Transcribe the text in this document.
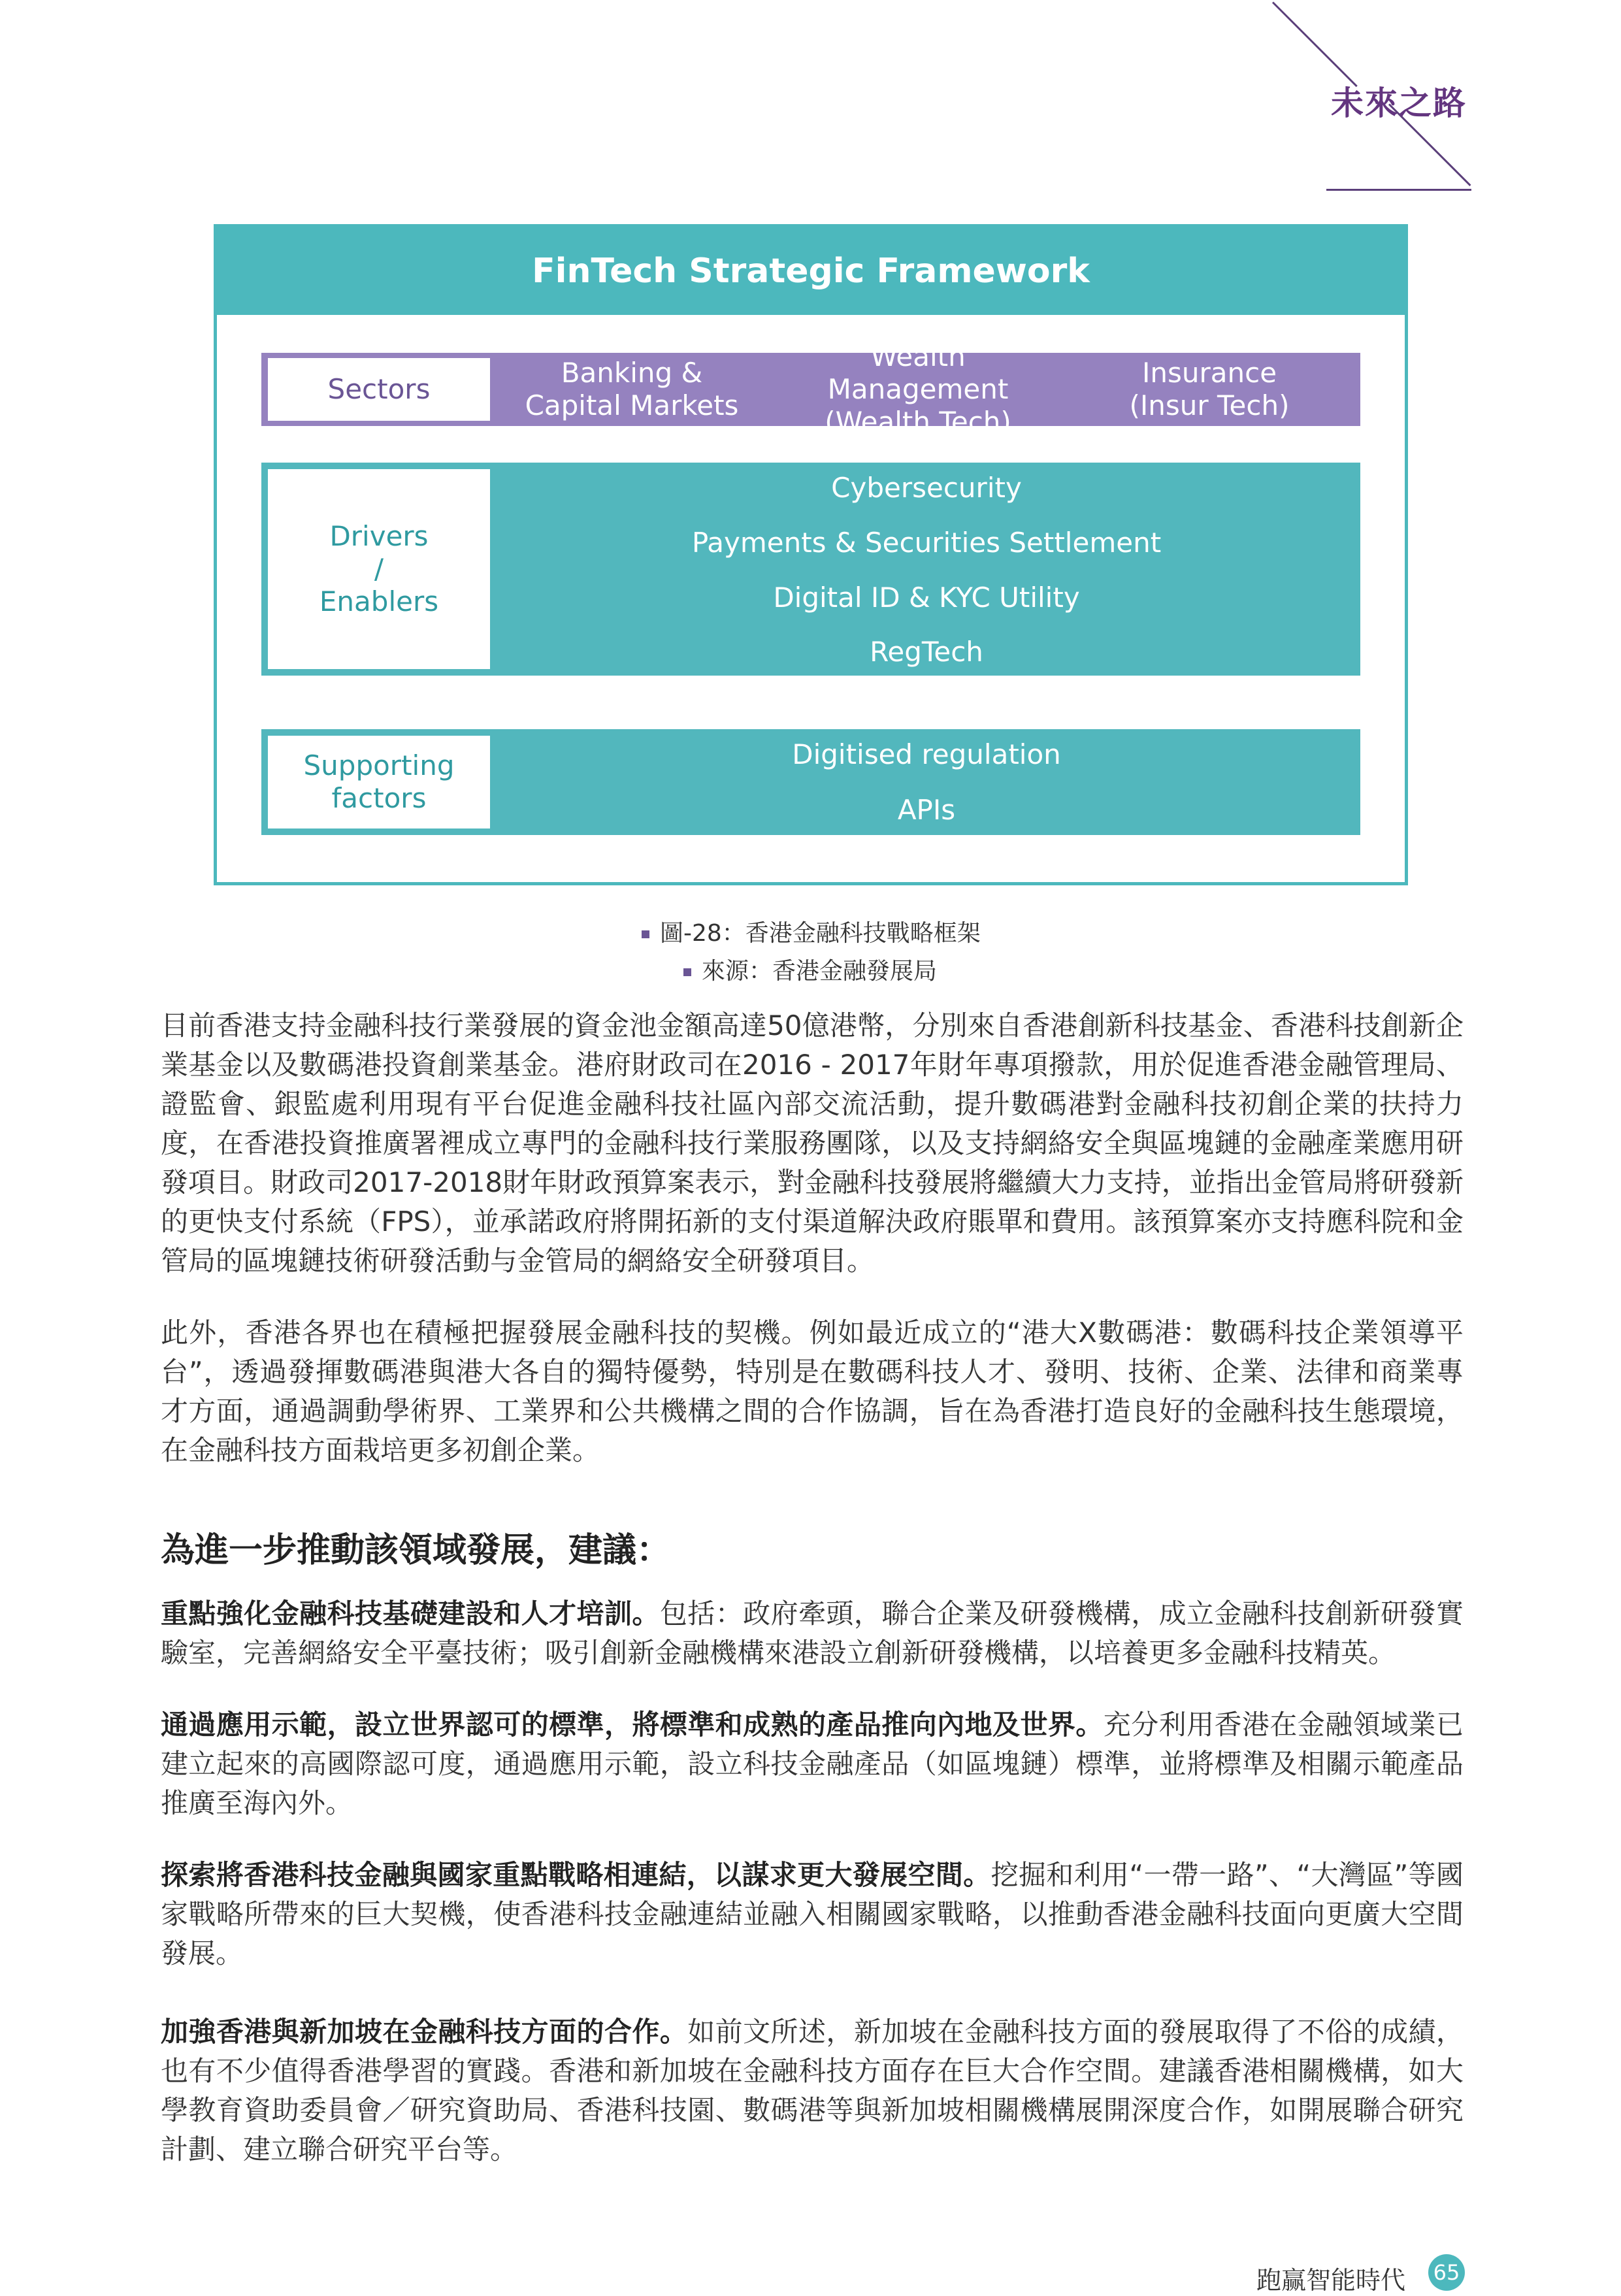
未來之路
FinTech Strategic Framework
Sectors
Banking &
Capital Markets
Wealth Management
(Wealth Tech)
Insurance
(Insur Tech)
Drivers
/
Enablers
Cybersecurity
Payments & Securities Settlement
Digital ID & KYC Utility
RegTech
Supporting
factors
Digitised regulation
APIs
圖-28：香港金融科技戰略框架
來源：香港金融發展局

目前香港支持金融科技行業發展的資金池金額高達50億港幣，分別來自香港創新科技基金、香港科技創新企業基金以及數碼港投資創業基金。港府財政司在2016 - 2017年財年專項撥款，用於促進香港金融管理局、證監會、銀監處利用現有平台促進金融科技社區內部交流活動，提升數碼港對金融科技初創企業的扶持力度，在香港投資推廣署裡成立專門的金融科技行業服務團隊，以及支持網絡安全與區塊鏈的金融產業應用研發項目。財政司2017-2018財年財政預算案表示，對金融科技發展將繼續大力支持，並指出金管局將研發新的更快支付系統（FPS），並承諾政府將開拓新的支付渠道解決政府賬單和費用。該預算案亦支持應科院和金管局的區塊鏈技術研發活動与金管局的網絡安全研發項目。

此外，香港各界也在積極把握發展金融科技的契機。例如最近成立的“港大X數碼港：數碼科技企業領導平台”，透過發揮數碼港與港大各自的獨特優勢，特別是在數碼科技人才、發明、技術、企業、法律和商業專才方面，通過調動學術界、工業界和公共機構之間的合作協調，旨在為香港打造良好的金融科技生態環境，在金融科技方面栽培更多初創企業。

為進一步推動該領域發展，建議：

重點強化金融科技基礎建設和人才培訓。包括：政府牽頭，聯合企業及研發機構，成立金融科技創新研發實驗室，完善網絡安全平臺技術；吸引創新金融機構來港設立創新研發機構，以培養更多金融科技精英。

通過應用示範，設立世界認可的標準，將標準和成熟的產品推向內地及世界。充分利用香港在金融領域業已建立起來的高國際認可度，通過應用示範，設立科技金融產品（如區塊鏈）標準，並將標準及相關示範產品推廣至海內外。

探索將香港科技金融與國家重點戰略相連結，以謀求更大發展空間。挖掘和利用“一帶一路”、“大灣區”等國家戰略所帶來的巨大契機，使香港科技金融連結並融入相關國家戰略，以推動香港金融科技面向更廣大空間發展。

加強香港與新加坡在金融科技方面的合作。如前文所述，新加坡在金融科技方面的發展取得了不俗的成績，也有不少值得香港學習的實踐。香港和新加坡在金融科技方面存在巨大合作空間。建議香港相關機構，如大學教育資助委員會／研究資助局、香港科技園、數碼港等與新加坡相關機構展開深度合作，如開展聯合研究計劃、建立聯合研究平台等。

跑赢智能時代 65
